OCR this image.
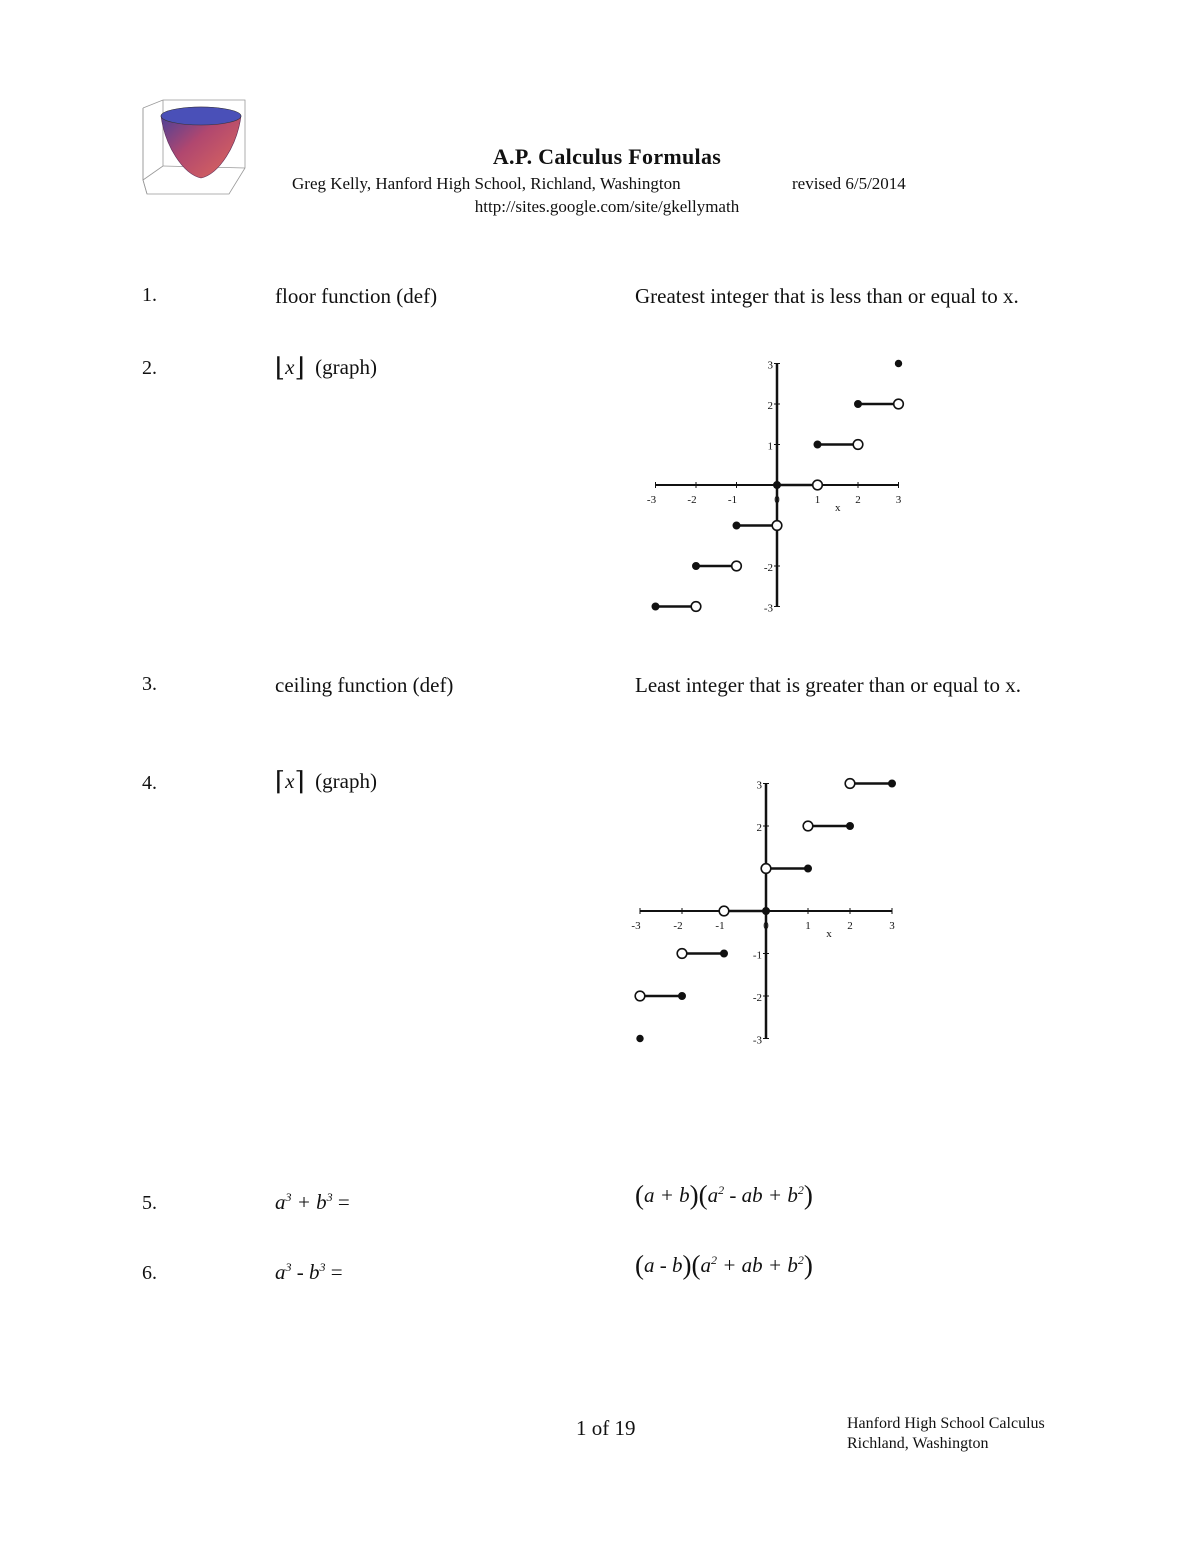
A.P. Calculus Formulas
Greg Kelly, Hanford High School, Richland, Washington	revised 6/5/2014
http://sites.google.com/site/gkellymath
1.	floor function (def)	Greatest integer that is less than or equal to x.
2.	⌊x⌋ (graph)
3.	ceiling function (def)	Least integer that is greater than or equal to x.
4.	⌈x⌉ (graph)
5.	$a^3 + b^3$ =	$(a + b)(a^2$ - ab + $b^2$)
6.	$a^3 - b^3$ =	$(a - b)(a^2$ + ab + $b^2$)
-3	-2	-1	0	1	2	3
3
2
1
-2
-3
x
-3	-2	-1	0	1	2	3
3
2
-1
-2
-3
x
1 of 19	Hanford High School Calculus
Richland, Washington
